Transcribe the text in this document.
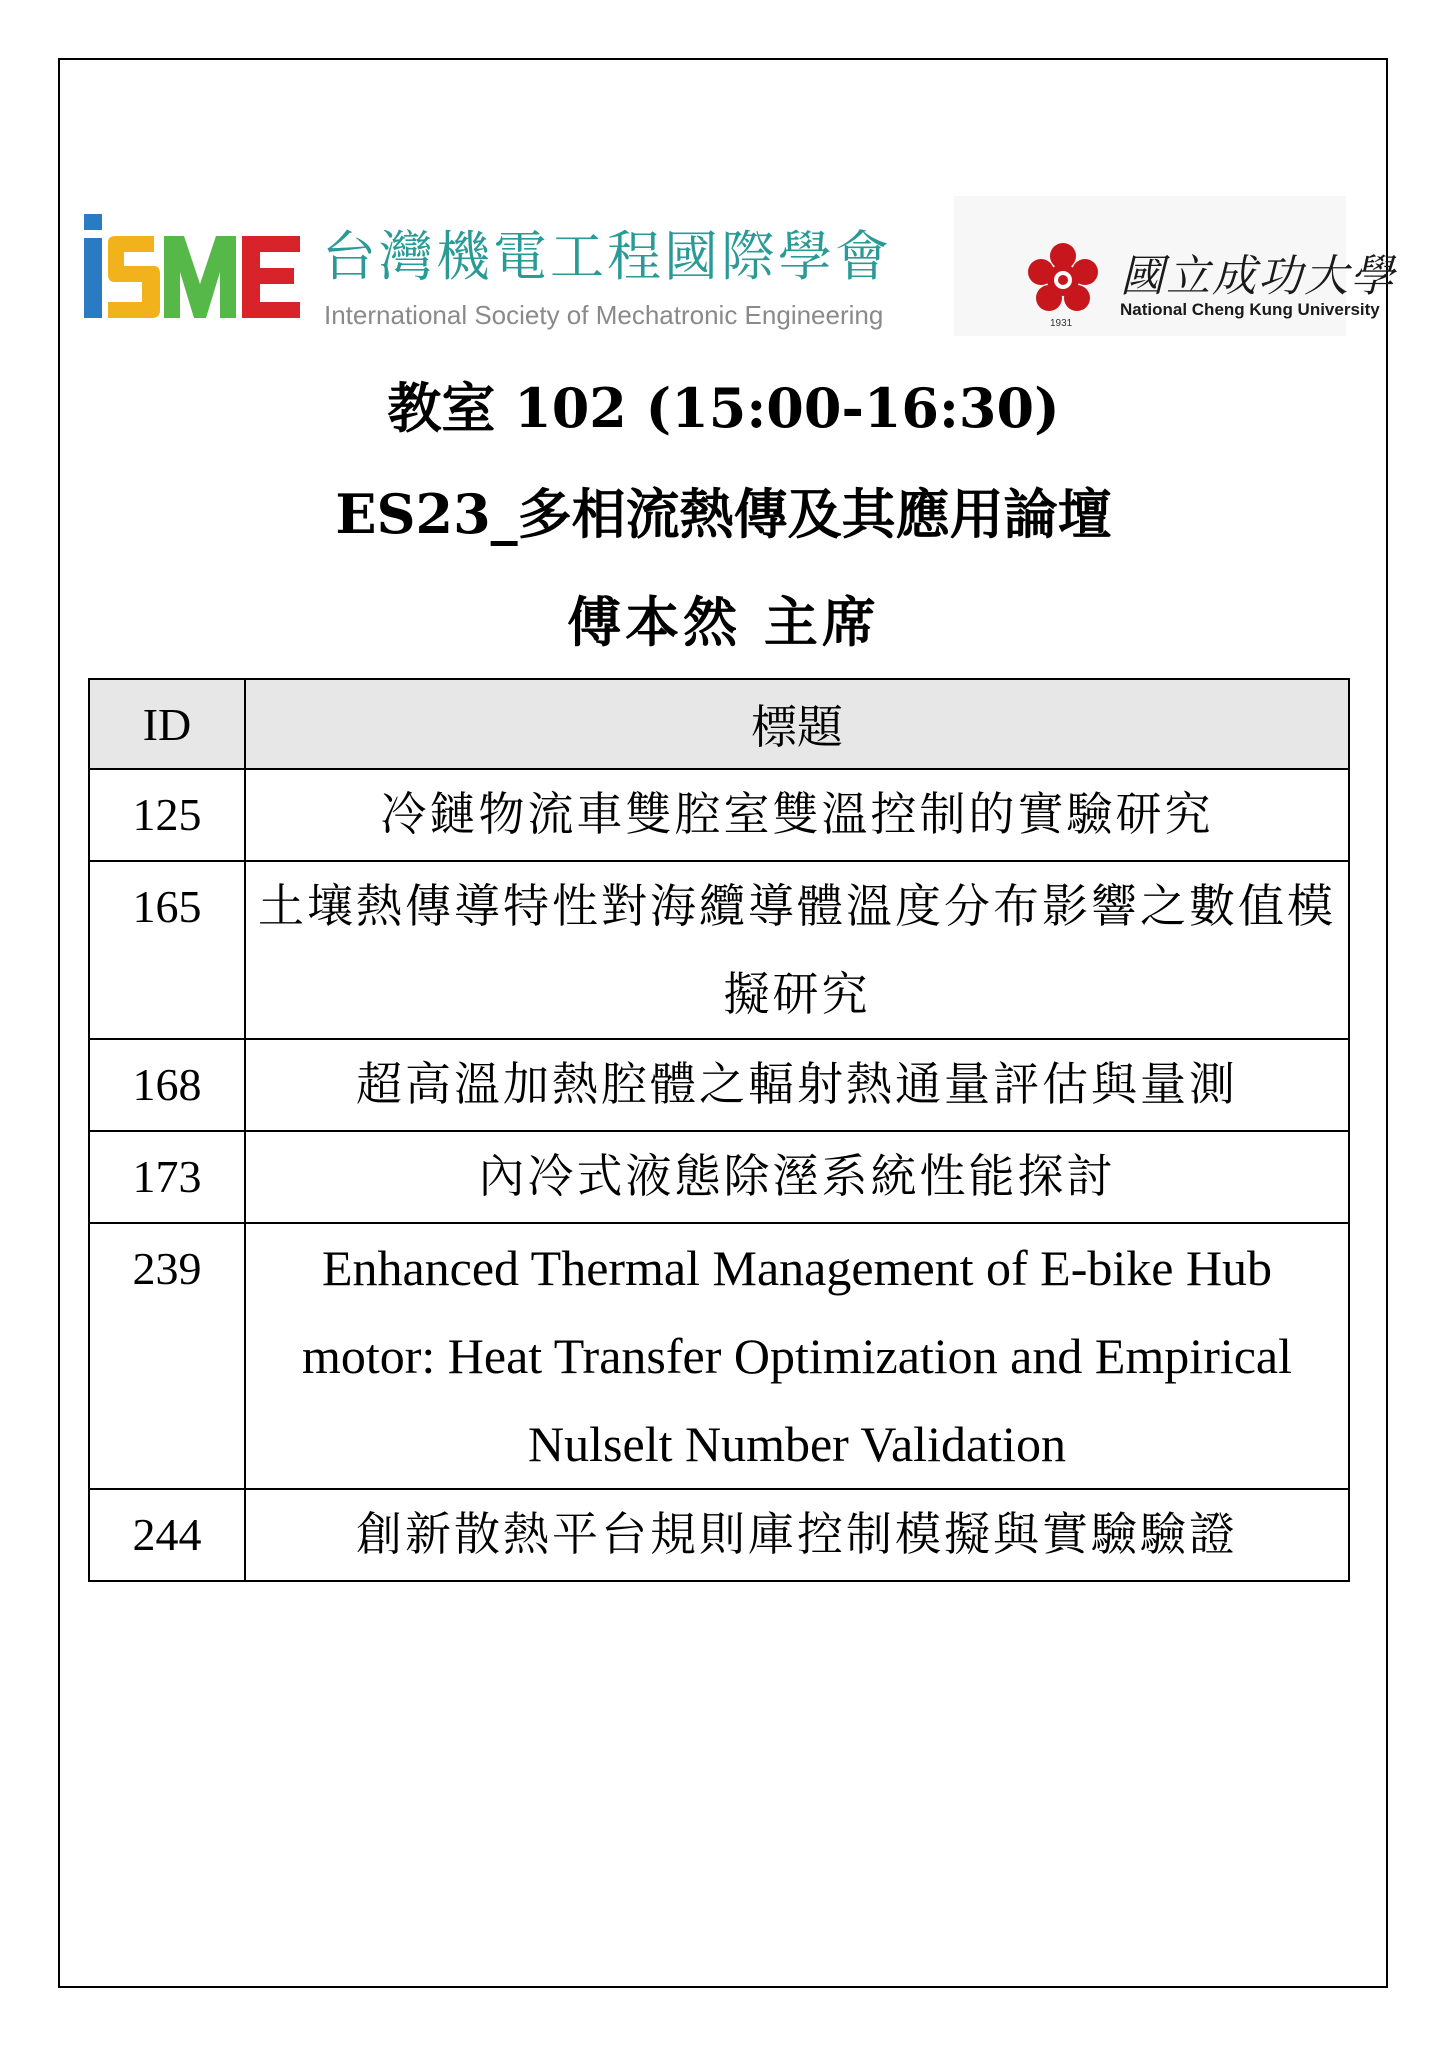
台灣機電工程國際學會
International Society of Mechatronic Engineering	1931
國立成功大學
National Cheng Kung University
教室 102 (15:00-16:30)
ES23_多相流熱傳及其應用論壇
傅本然 主席
ID	標題
125	冷鏈物流車雙腔室雙溫控制的實驗研究
165	土壤熱傳導特性對海纜導體溫度分布影響之數值模擬研究
168	超高溫加熱腔體之輻射熱通量評估與量測
173	內冷式液態除溼系統性能探討
239	Enhanced Thermal Management of E-bike Hub motor: Heat Transfer Optimization and Empirical Nulselt Number Validation
244	創新散熱平台規則庫控制模擬與實驗驗證
